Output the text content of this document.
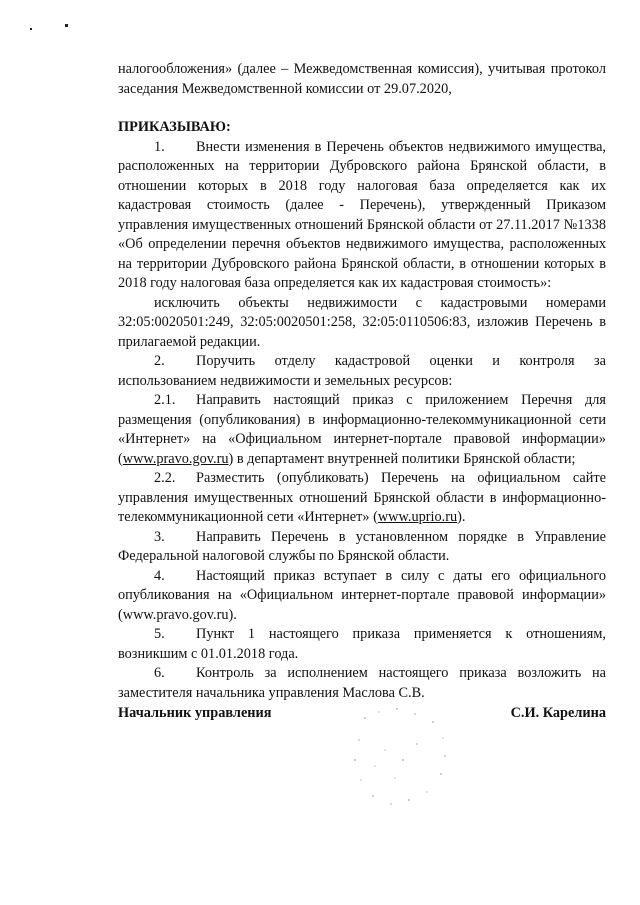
налогообложения» (далее – Межведомственная комиссия), учитывая протокол заседания Межведомственной комиссии от 29.07.2020,

ПРИКАЗЫВАЮ:

1. Внести изменения в Перечень объектов недвижимого имущества, расположенных на территории Дубровского района Брянской области, в отношении которых в 2018 году налоговая база определяется как их кадастровая стоимость (далее - Перечень), утвержденный Приказом управления имущественных отношений Брянской области от 27.11.2017 №1338 «Об определении перечня объектов недвижимого имущества, расположенных на территории Дубровского района Брянской области, в отношении которых в 2018 году налоговая база определяется как их кадастровая стоимость»:

исключить объекты недвижимости с кадастровыми номерами 32:05:0020501:249, 32:05:0020501:258, 32:05:0110506:83, изложив Перечень в прилагаемой редакции.

2. Поручить отделу кадастровой оценки и контроля за использованием недвижимости и земельных ресурсов:

2.1. Направить настоящий приказ с приложением Перечня для размещения (опубликования) в информационно-телекоммуникационной сети «Интернет» на «Официальном интернет-портале правовой информации» (www.pravo.gov.ru) в департамент внутренней политики Брянской области;

2.2. Разместить (опубликовать) Перечень на официальном сайте управления имущественных отношений Брянской области в информационно-телекоммуникационной сети «Интернет» (www.uprio.ru).

3. Направить Перечень в установленном порядке в Управление Федеральной налоговой службы по Брянской области.

4. Настоящий приказ вступает в силу с даты его официального опубликования на «Официальном интернет-портале правовой информации» (www.pravo.gov.ru).

5. Пункт 1 настоящего приказа применяется к отношениям, возникшим с 01.01.2018 года.

6. Контроль за исполнением настоящего приказа возложить на заместителя начальника управления Маслова С.В.

Начальник управления	С.И. Карелина
